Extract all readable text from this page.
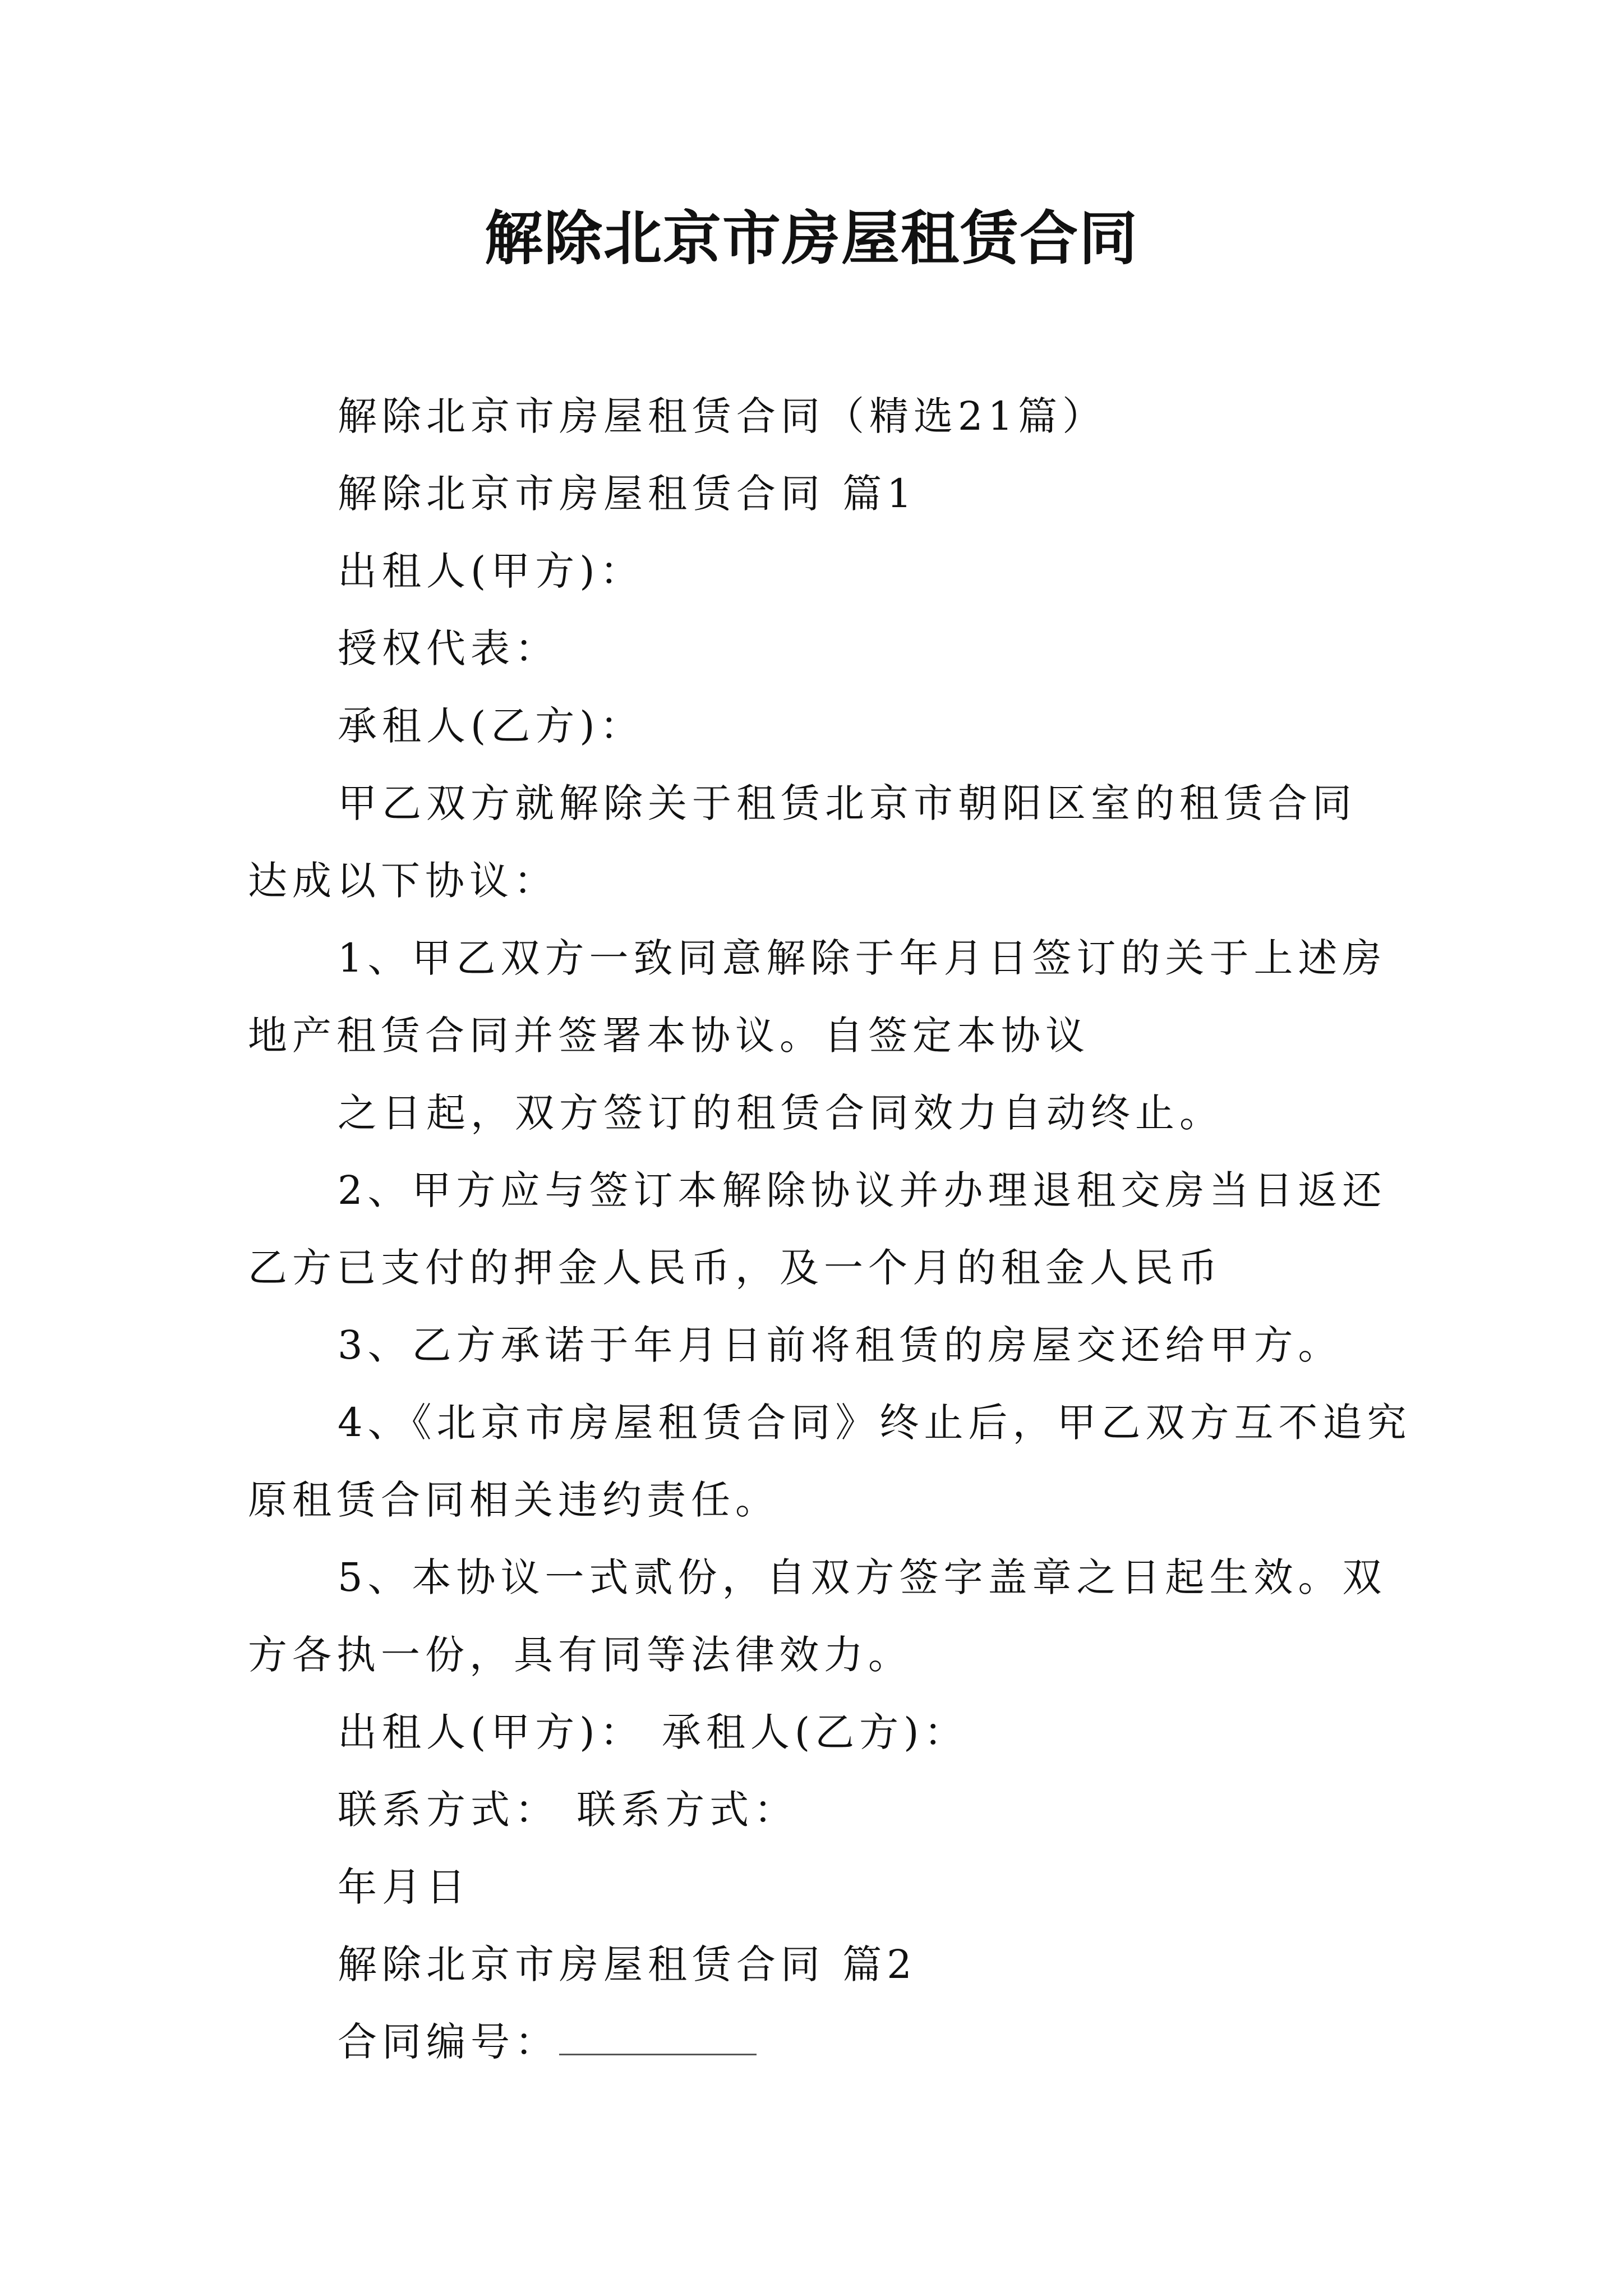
解除北京市房屋租赁合同
解除北京市房屋租赁合同（精选21篇）
解除北京市房屋租赁合同 篇1
出租人(甲方)：
授权代表：
承租人(乙方)：
甲乙双方就解除关于租赁北京市朝阳区室的租赁合同
达成以下协议：
1、甲乙双方一致同意解除于年月日签订的关于上述房
地产租赁合同并签署本协议。自签定本协议
之日起，双方签订的租赁合同效力自动终止。
2、甲方应与签订本解除协议并办理退租交房当日返还
乙方已支付的押金人民币，及一个月的租金人民币
3、乙方承诺于年月日前将租赁的房屋交还给甲方。
4、《北京市房屋租赁合同》终止后，甲乙双方互不追究
原租赁合同相关违约责任。
5、本协议一式贰份，自双方签字盖章之日起生效。双
方各执一份，具有同等法律效力。
出租人(甲方)： 承租人(乙方)：
联系方式： 联系方式：
年月日
解除北京市房屋租赁合同 篇2
合同编号：
